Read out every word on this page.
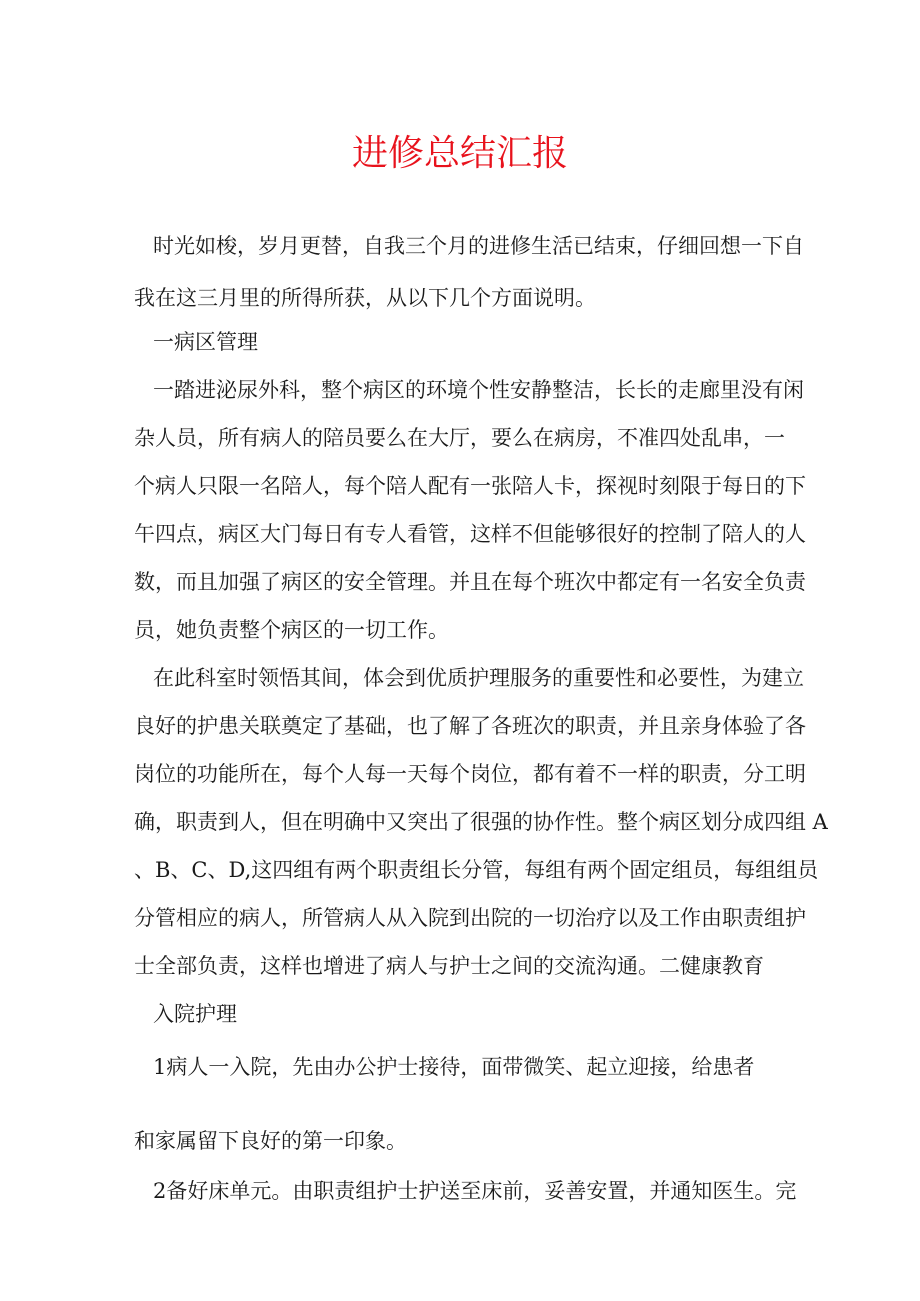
进修总结汇报
时光如梭，岁月更替，自我三个月的进修生活已结束，仔细回想一下自
我在这三月里的所得所获，从以下几个方面说明。
一病区管理
一踏进泌尿外科，整个病区的环境个性安静整洁，长长的走廊里没有闲
杂人员，所有病人的陪员要么在大厅，要么在病房，不准四处乱串，一
个病人只限一名陪人，每个陪人配有一张陪人卡，探视时刻限于每日的下
午四点，病区大门每日有专人看管，这样不但能够很好的控制了陪人的人
数，而且加强了病区的安全管理。并且在每个班次中都定有一名安全负责
员，她负责整个病区的一切工作。
在此科室时领悟其间，体会到优质护理服务的重要性和必要性，为建立
良好的护患关联奠定了基础，也了解了各班次的职责，并且亲身体验了各
岗位的功能所在，每个人每一天每个岗位，都有着不一样的职责，分工明
确，职责到人，但在明确中又突出了很强的协作性。整个病区划分成四组 A
、B、C、D,这四组有两个职责组长分管，每组有两个固定组员，每组组员
分管相应的病人，所管病人从入院到出院的一切治疗以及工作由职责组护
士全部负责，这样也增进了病人与护士之间的交流沟通。二健康教育
入院护理
1病人一入院，先由办公护士接待，面带微笑、起立迎接，给患者
和家属留下良好的第一印象。
2备好床单元。由职责组护士护送至床前，妥善安置，并通知医生。完
